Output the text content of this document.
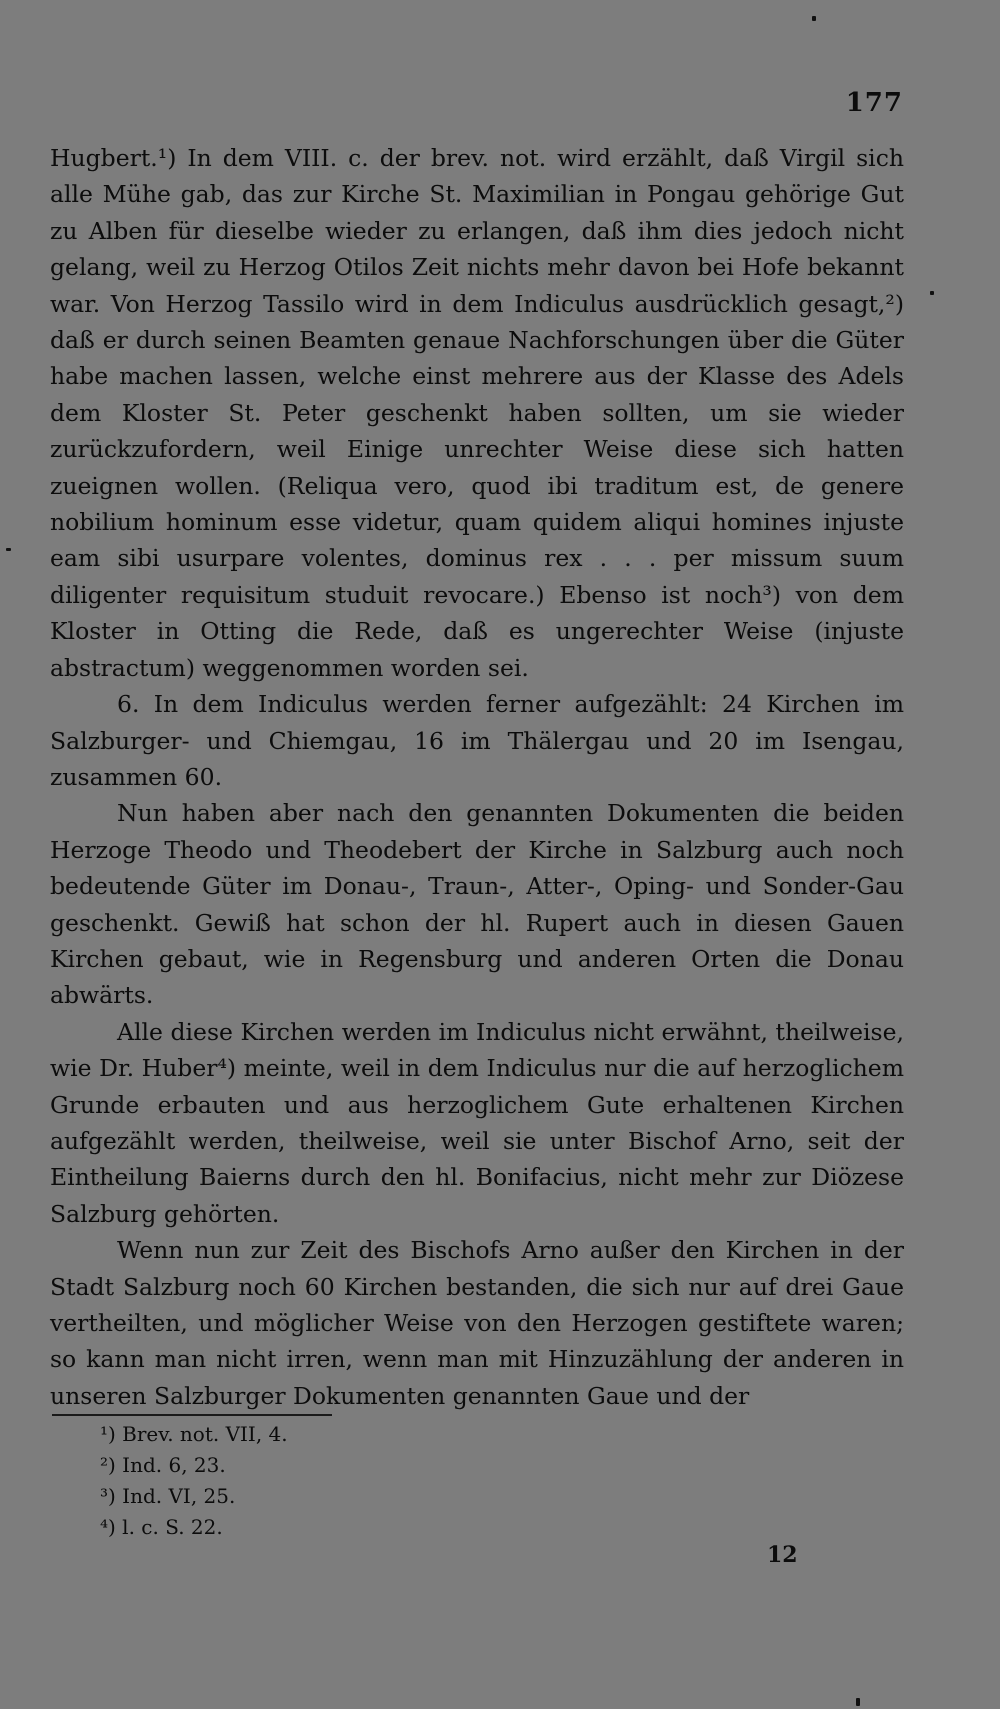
177

Hugbert.¹) In dem VIII. c. der brev. not. wird erzählt, daß Virgil sich alle Mühe gab, das zur Kirche St. Maximilian in Pongau gehörige Gut zu Alben für dieselbe wieder zu erlangen, daß ihm dies jedoch nicht gelang, weil zu Herzog Otilos Zeit nichts mehr davon bei Hofe bekannt war. Von Herzog Tassilo wird in dem Indiculus ausdrücklich gesagt,²) daß er durch seinen Beamten genaue Nachforschungen über die Güter habe machen lassen, welche einst mehrere aus der Klasse des Adels dem Kloster St. Peter geschenkt haben sollten, um sie wieder zurückzufordern, weil Einige unrechter Weise diese sich hatten zueignen wollen. (Reliqua vero, quod ibi traditum est, de genere nobilium hominum esse videtur, quam quidem aliqui homines injuste eam sibi usurpare volentes, dominus rex . . . per missum suum diligenter requisitum studuit revocare.) Ebenso ist noch³) von dem Kloster in Otting die Rede, daß es ungerechter Weise (injuste abstractum) weggenommen worden sei.

6. In dem Indiculus werden ferner aufgezählt: 24 Kirchen im Salzburger- und Chiemgau, 16 im Thälergau und 20 im Isengau, zusammen 60.

Nun haben aber nach den genannten Dokumenten die beiden Herzoge Theodo und Theodebert der Kirche in Salzburg auch noch bedeutende Güter im Donau-, Traun-, Atter-, Oping- und Sonder-Gau geschenkt. Gewiß hat schon der hl. Rupert auch in diesen Gauen Kirchen gebaut, wie in Regensburg und anderen Orten die Donau abwärts.

Alle diese Kirchen werden im Indiculus nicht erwähnt, theilweise, wie Dr. Huber⁴) meinte, weil in dem Indiculus nur die auf herzoglichem Grunde erbauten und aus herzoglichem Gute erhaltenen Kirchen aufgezählt werden, theilweise, weil sie unter Bischof Arno, seit der Eintheilung Baierns durch den hl. Bonifacius, nicht mehr zur Diözese Salzburg gehörten.

Wenn nun zur Zeit des Bischofs Arno außer den Kirchen in der Stadt Salzburg noch 60 Kirchen bestanden, die sich nur auf drei Gaue vertheilten, und möglicher Weise von den Herzogen gestiftete waren; so kann man nicht irren, wenn man mit Hinzuzählung der anderen in unseren Salzburger Dokumenten genannten Gaue und der

¹) Brev. not. VII, 4.
²) Ind. 6, 23.
³) Ind. VI, 25.
⁴) l. c. S. 22.
12
